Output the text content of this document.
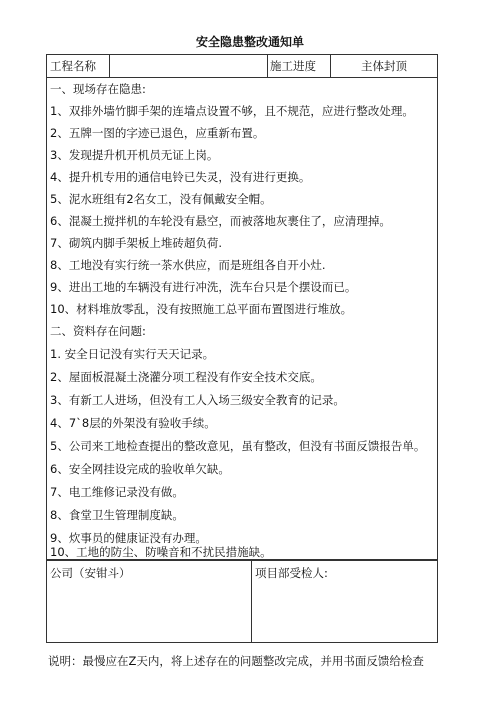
安全隐患整改通知单
工程名称	施工进度	主体封顶
一、现场存在隐患:
1、双排外墙竹脚手架的连墙点设置不够，且不规范，应进行整改处理。
2、五牌一图的字迹已退色，应重新布置。
3、发现提升机开机员无证上岗。
4、提升机专用的通信电铃已失灵，没有进行更换。
5、泥水班组有2名女工，没有佩戴安全帽。
6、混凝土搅拌机的车轮没有悬空，而被落地灰裹住了，应清理掉。
7、砌筑内脚手架板上堆砖超负荷.
8、工地没有实行统一茶水供应，而是班组各自开小灶.
9、进出工地的车辆没有进行冲洗，洗车台只是个摆设而已。
10、材料堆放零乱，没有按照施工总平面布置图进行堆放。
二、资料存在问题:
1. 安全日记没有实行天天记录。
2、屋面板混凝土浇灌分项工程没有作安全技术交底。
3、有新工人进场，但没有工人入场三级安全教育的记录。
4、7`8层的外架没有验收手续。
5、公司来工地检查提出的整改意见，虽有整改，但没有书面反馈报告单。
6、安全网挂设完成的验收单欠缺。
7、电工维修记录没有做。
8、食堂卫生管理制度缺。
9、炊事员的健康证没有办理。
10、工地的防尘、防噪音和不扰民措施缺。
公司（安钳斗）	项目部受检人:
说明：最慢应在Z天内，将上述存在的问题整改完成，并用书面反馈给检查
